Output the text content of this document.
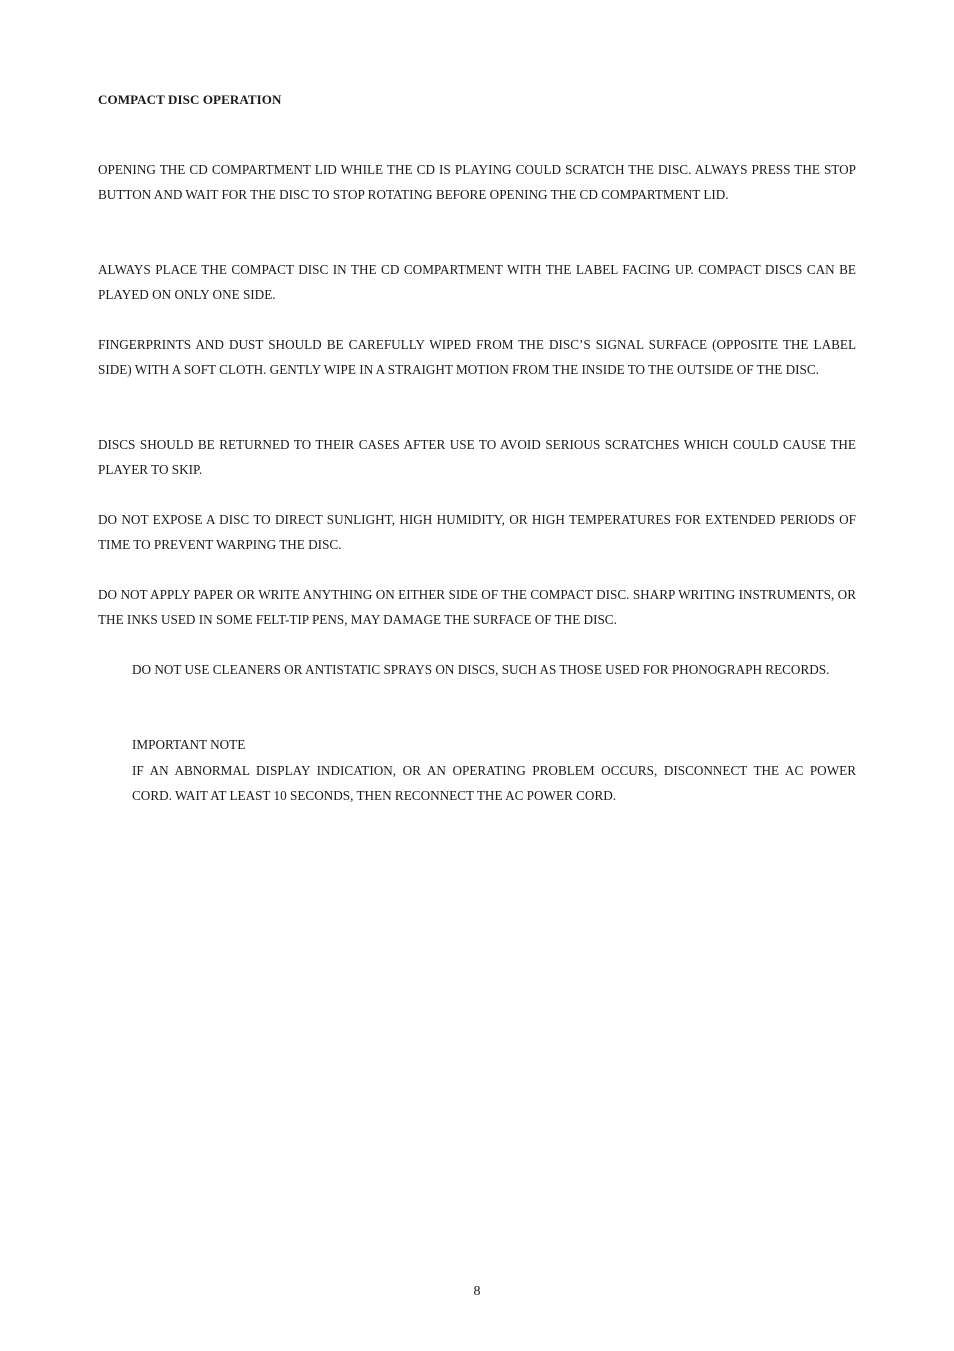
COMPACT DISC OPERATION

OPENING THE CD COMPARTMENT LID WHILE THE CD IS PLAYING COULD SCRATCH THE DISC. ALWAYS PRESS THE STOP BUTTON AND WAIT FOR THE DISC TO STOP ROTATING BEFORE OPENING THE CD COMPARTMENT LID.

ALWAYS PLACE THE COMPACT DISC IN THE CD COMPARTMENT WITH THE LABEL FACING UP. COMPACT DISCS CAN BE PLAYED ON ONLY ONE SIDE.

FINGERPRINTS AND DUST SHOULD BE CAREFULLY WIPED FROM THE DISC’S SIGNAL SURFACE (OPPOSITE THE LABEL SIDE) WITH A SOFT CLOTH. GENTLY WIPE IN A STRAIGHT MOTION FROM THE INSIDE TO THE OUTSIDE OF THE DISC.

DISCS SHOULD BE RETURNED TO THEIR CASES AFTER USE TO AVOID SERIOUS SCRATCHES WHICH COULD CAUSE THE PLAYER TO SKIP.

DO NOT EXPOSE A DISC TO DIRECT SUNLIGHT, HIGH HUMIDITY, OR HIGH TEMPERATURES FOR EXTENDED PERIODS OF TIME TO PREVENT WARPING THE DISC.

DO NOT APPLY PAPER OR WRITE ANYTHING ON EITHER SIDE OF THE COMPACT DISC. SHARP WRITING INSTRUMENTS, OR THE INKS USED IN SOME FELT-TIP PENS, MAY DAMAGE THE SURFACE OF THE DISC.

DO NOT USE CLEANERS OR ANTISTATIC SPRAYS ON DISCS, SUCH AS THOSE USED FOR PHONOGRAPH RECORDS.

IMPORTANT NOTE

IF AN ABNORMAL DISPLAY INDICATION, OR AN OPERATING PROBLEM OCCURS, DISCONNECT THE AC POWER CORD. WAIT AT LEAST 10 SECONDS, THEN RECONNECT THE AC POWER CORD.

8
